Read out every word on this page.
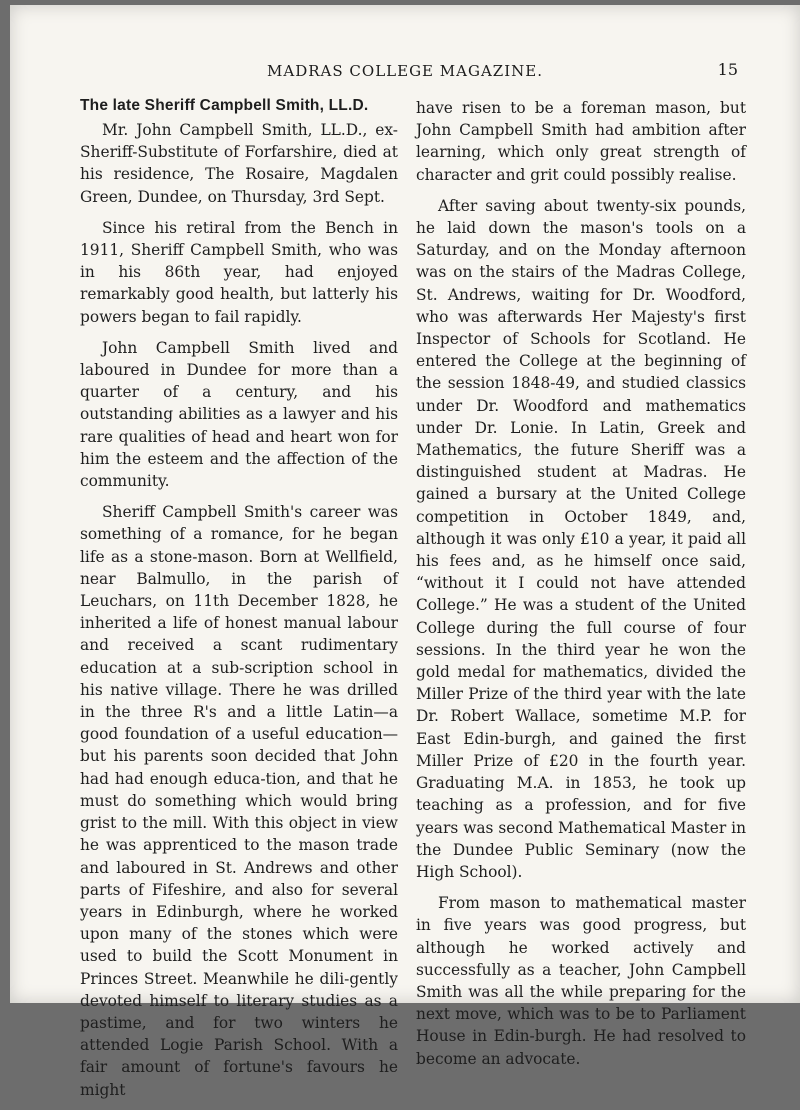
MADRAS COLLEGE MAGAZINE.	15
The late Sheriff Campbell Smith, LL.D.

Mr. John Campbell Smith, LL.D., ex-Sheriff-Substitute of Forfarshire, died at his residence, The Rosaire, Magdalen Green, Dundee, on Thursday, 3rd Sept.

Since his retiral from the Bench in 1911, Sheriff Campbell Smith, who was in his 86th year, had enjoyed remarkably good health, but latterly his powers began to fail rapidly.

John Campbell Smith lived and laboured in Dundee for more than a quarter of a century, and his outstanding abilities as a lawyer and his rare qualities of head and heart won for him the esteem and the affection of the community.

Sheriff Campbell Smith's career was something of a romance, for he began life as a stone-mason. Born at Wellfield, near Balmullo, in the parish of Leuchars, on 11th December 1828, he inherited a life of honest manual labour and received a scant rudimentary education at a sub-scription school in his native village. There he was drilled in the three R's and a little Latin—a good foundation of a useful education—but his parents soon decided that John had had enough educa-tion, and that he must do something which would bring grist to the mill. With this object in view he was apprenticed to the mason trade and laboured in St. Andrews and other parts of Fifeshire, and also for several years in Edinburgh, where he worked upon many of the stones which were used to build the Scott Monument in Princes Street. Meanwhile he dili-gently devoted himself to literary studies as a pastime, and for two winters he attended Logie Parish School. With a fair amount of fortune's favours he might

have risen to be a foreman mason, but John Campbell Smith had ambition after learning, which only great strength of character and grit could possibly realise.

After saving about twenty-six pounds, he laid down the mason's tools on a Saturday, and on the Monday afternoon was on the stairs of the Madras College, St. Andrews, waiting for Dr. Woodford, who was afterwards Her Majesty's first Inspector of Schools for Scotland. He entered the College at the beginning of the session 1848-49, and studied classics under Dr. Woodford and mathematics under Dr. Lonie. In Latin, Greek and Mathematics, the future Sheriff was a distinguished student at Madras. He gained a bursary at the United College competition in October 1849, and, although it was only £10 a year, it paid all his fees and, as he himself once said, “without it I could not have attended College.” He was a student of the United College during the full course of four sessions. In the third year he won the gold medal for mathematics, divided the Miller Prize of the third year with the late Dr. Robert Wallace, sometime M.P. for East Edin-burgh, and gained the first Miller Prize of £20 in the fourth year. Graduating M.A. in 1853, he took up teaching as a profession, and for five years was second Mathematical Master in the Dundee Public Seminary (now the High School).

From mason to mathematical master in five years was good progress, but although he worked actively and successfully as a teacher, John Campbell Smith was all the while preparing for the next move, which was to be to Parliament House in Edin-burgh. He had resolved to become an advocate.
